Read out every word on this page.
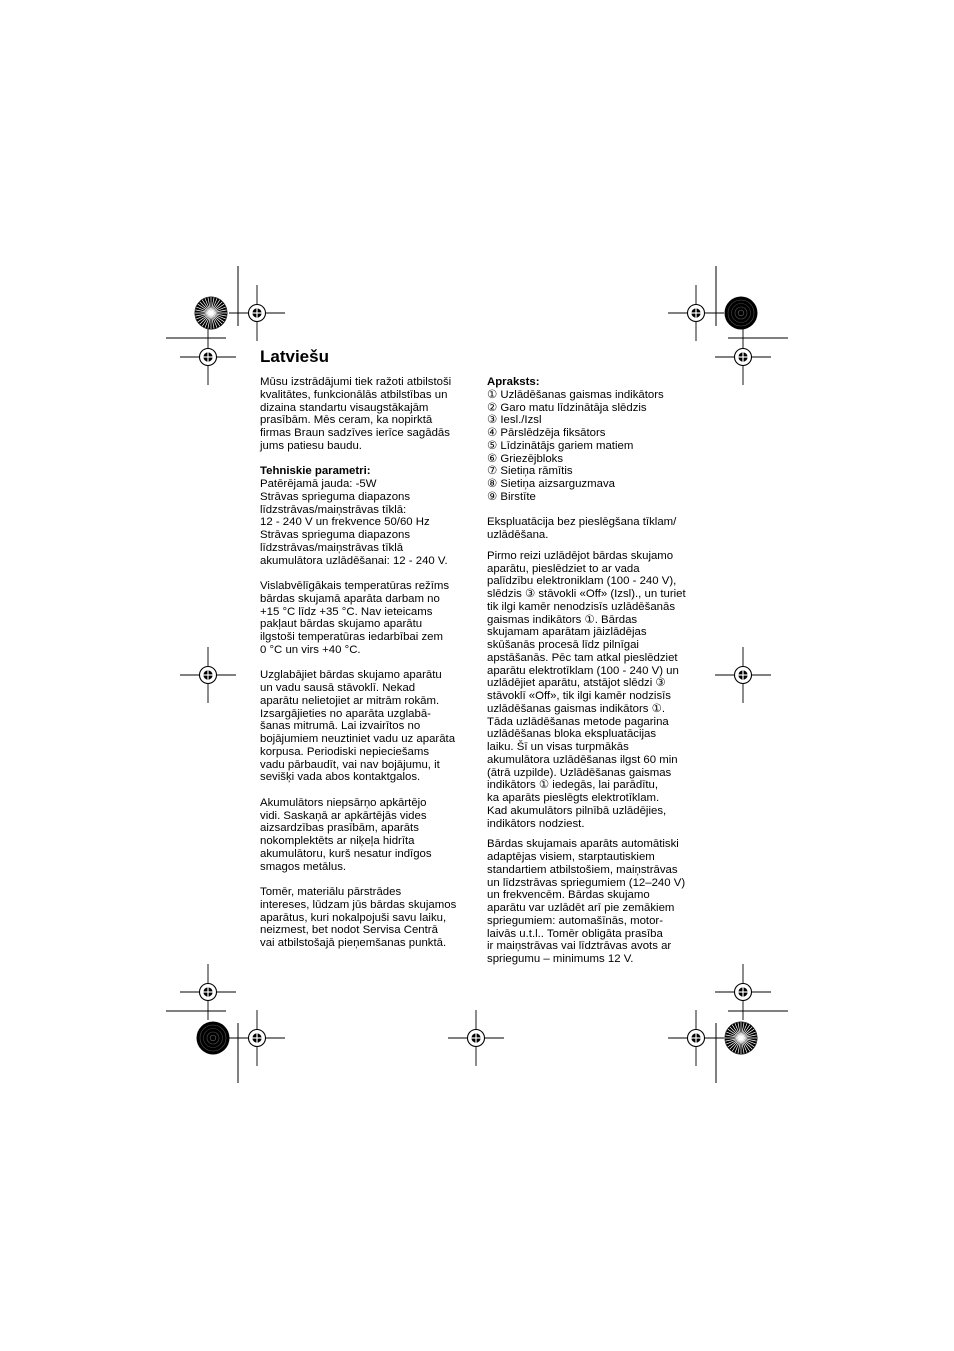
Latviešu

Mūsu izstrādājumi tiek ražoti atbilstoši
kvalitātes, funkcionālās atbilstības un
dizaina standartu visaugstākajām
prasībām. Mēs ceram, ka nopirktā
firmas Braun sadzīves ierīce sagādās
jums patiesu baudu.

Tehniskie parametri:

Patērējamā jauda: -5W
Strāvas sprieguma diapazons
līdzstrāvas/maiņstrāvas tīklā:
12 - 240 V un frekvence 50/60 Hz
Strāvas sprieguma diapazons
līdzstrāvas/maiņstrāvas tīklā
akumulātora uzlādēšanai: 12 - 240 V.

Vislabvēlīgākais temperatūras režīms
bārdas skujamā aparāta darbam no
+15 °C līdz +35 °C. Nav ieteicams
pakļaut bārdas skujamo aparātu
ilgstoši temperatūras iedarbībai zem
0 °C un virs +40 °C.

Uzglabājiet bārdas skujamo aparātu
un vadu sausā stāvoklī. Nekad
aparātu nelietojiet ar mitrām rokām.
Izsargājieties no aparāta uzglabā-
šanas mitrumā. Lai izvairītos no
bojājumiem neuztiniet vadu uz aparāta
korpusa. Periodiski nepieciešams
vadu pārbaudīt, vai nav bojājumu, it
sevišķi vada abos kontaktgalos.

Akumulātors niepsārņo apkārtējo
vidi. Saskaņā ar apkārtējās vides
aizsardzības prasībām, aparāts
nokomplektēts ar niķeļa hidrīta
akumulātoru, kurš nesatur indīgos
smagos metālus.

Tomēr, materiālu pārstrādes
intereses, lūdzam jūs bārdas skujamos
aparātus, kuri nokalpojuši savu laiku,
neizmest, bet nodot Servisa Centrā
vai atbilstošajā pieņemšanas punktā.

Apraksts:

① Uzlādēšanas gaismas indikātors
② Garo matu līdzinātāja slēdzis
③ Iesl./Izsl
④ Pārslēdzēja fiksātors
⑤ Līdzinātājs gariem matiem
⑥ Griezējbloks
⑦ Sietiņa rāmītis
⑧ Sietiņa aizsarguzmava
⑨ Birstīte

Ekspluatācija bez pieslēgšana tīklam/
uzlādēšana.

Pirmo reizi uzlādējot bārdas skujamo
aparātu, pieslēdziet to ar vada
palīdzību elektroniklam (100 - 240 V),
slēdzis ③ stāvokli «Off» (Izsl)., un turiet
tik ilgi kamēr nenodzisīs uzlādēšanās
gaismas indikātors ①. Bārdas
skujamam aparātam jāizlādējas
skūšanās procesā līdz pilnīgai
apstāšanās. Pēc tam atkal pieslēdziet
aparātu elektrotīklam (100 - 240 V) un
uzlādējiet aparātu, atstājot slēdzi ③
stāvoklī «Off», tik ilgi kamēr nodzisīs
uzlādēšanas gaismas indikātors ①.
Tāda uzlādēšanas metode pagarina
uzlādēšanas bloka ekspluatācijas
laiku. Šī un visas turpmākās
akumulātora uzlādēšanas ilgst 60 min
(ātrā uzpilde). Uzlādēšanas gaismas
indikātors ① iedegās, lai parādītu,
ka aparāts pieslēgts elektrotīklam.
Kad akumulātors pilnībā uzlādējies,
indikātors nodziest.

Bārdas skujamais aparāts automātiski
adaptējas visiem, starptautiskiem
standartiem atbilstošiem, maiņstrāvas
un līdzstrāvas spriegumiem (12–240 V)
un frekvencēm. Bārdas skujamo
aparātu var uzlādēt arī pie zemākiem
spriegumiem: automašīnās, motor-
laivās u.t.l.. Tomēr obligāta prasība
ir maiņstrāvas vai līdztrāvas avots ar
spriegumu – minimums 12 V.
